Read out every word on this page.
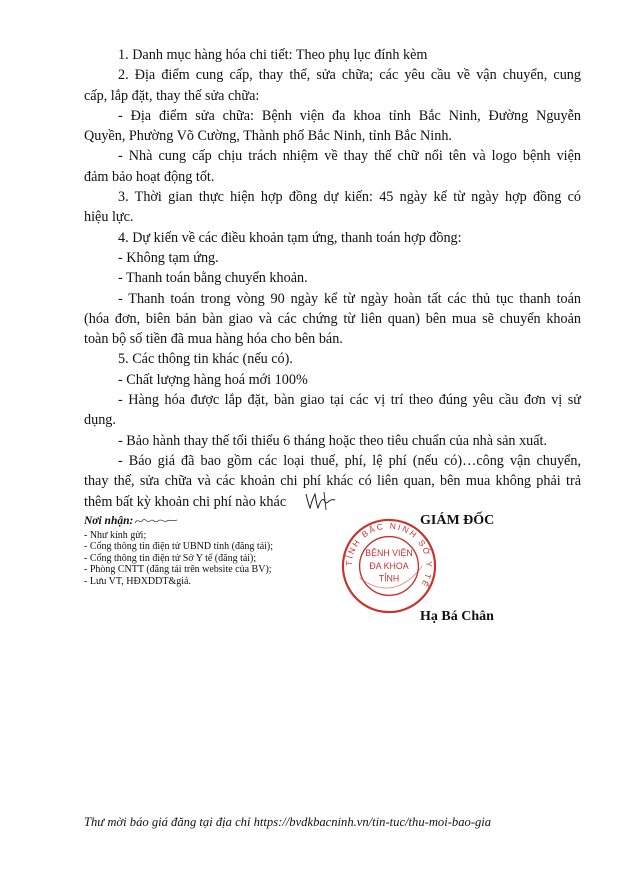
1. Danh mục hàng hóa chi tiết: Theo phụ lục đính kèm
2. Địa điểm cung cấp, thay thế, sửa chữa; các yêu cầu về vận chuyển, cung
cấp, lắp đặt, thay thế sửa chữa:
- Địa điểm sửa chữa: Bệnh viện đa khoa tỉnh Bắc Ninh, Đường Nguyễn
Quyền, Phường Võ Cường, Thành phố Bắc Ninh, tỉnh Bắc Ninh.
- Nhà cung cấp chịu trách nhiệm về thay thế chữ nổi tên và logo bệnh viện
đảm bảo hoạt động tốt.
3. Thời gian thực hiện hợp đồng dự kiến: 45 ngày kể từ ngày hợp đồng có
hiệu lực.
4. Dự kiến về các điều khoản tạm ứng, thanh toán hợp đồng:
- Không tạm ứng.
- Thanh toán bằng chuyển khoản.
- Thanh toán trong vòng 90 ngày kể từ ngày hoàn tất các thủ tục thanh toán
(hóa đơn, biên bản bàn giao và các chứng từ liên quan) bên mua sẽ chuyển khoản
toàn bộ số tiền đã mua hàng hóa cho bên bán.
5. Các thông tin khác (nếu có).
- Chất lượng hàng hoá mới 100%
- Hàng hóa được lắp đặt, bàn giao tại các vị trí theo đúng yêu cầu đơn vị sử
dụng.
- Bảo hành thay thế tối thiểu 6 tháng hoặc theo tiêu chuẩn của nhà sản xuất.
- Báo giá đã bao gồm các loại thuế, phí, lệ phí (nếu có)…công vận chuyển,
thay thế, sửa chữa và các khoản chi phí khác có liên quan, bên mua không phải trả
thêm bất kỳ khoản chi phí nào khác
Nơi nhận:
- Như kính gửi;
- Cổng thông tin điện tử UBND tỉnh (đăng tải);
- Cổng thông tin điện tử Sở Y tế (đăng tải);
- Phòng CNTT (đăng tải trên website của BV);
- Lưu VT, HĐXDDT&giá.
GIÁM ĐỐC
TỈNH BẮC NINH SỞ Y TẾ
BỆNH VIỆN
ĐA KHOA
TỈNH
Hạ Bá Chân
Thư mời báo giá đăng tại địa chỉ https://bvdkbacninh.vn/tin-tuc/thu-moi-bao-gia
